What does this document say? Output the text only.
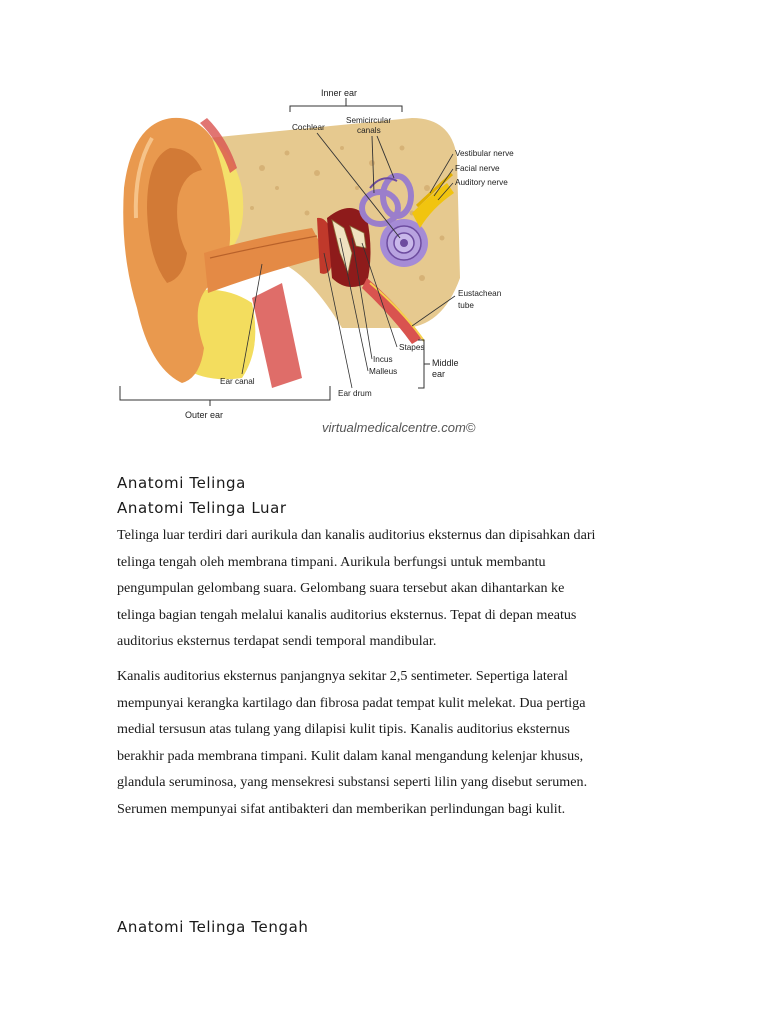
Inner ear
Cochlear
Semicircular
canals
Vestibular nerve
Facial nerve
Auditory nerve
Eustachean
tube
Stapes
Incus
Malleus
Ear drum
Middle
ear
Ear canal
Outer ear
virtualmedicalcentre.com©
Anatomi Telinga
Anatomi Telinga Luar

Telinga luar terdiri dari aurikula dan kanalis auditorius eksternus dan dipisahkan dari
telinga tengah oleh membrana timpani. Aurikula berfungsi untuk membantu
pengumpulan gelombang suara. Gelombang suara tersebut akan dihantarkan ke
telinga bagian tengah melalui kanalis auditorius eksternus. Tepat di depan meatus
auditorius eksternus terdapat sendi temporal mandibular.

Kanalis auditorius eksternus panjangnya sekitar 2,5 sentimeter. Sepertiga lateral
mempunyai kerangka kartilago dan fibrosa padat tempat kulit melekat. Dua pertiga
medial tersusun atas tulang yang dilapisi kulit tipis. Kanalis auditorius eksternus
berakhir pada membrana timpani. Kulit dalam kanal mengandung kelenjar khusus,
glandula seruminosa, yang mensekresi substansi seperti lilin yang disebut serumen.
Serumen mempunyai sifat antibakteri dan memberikan perlindungan bagi kulit.

Anatomi Telinga Tengah
